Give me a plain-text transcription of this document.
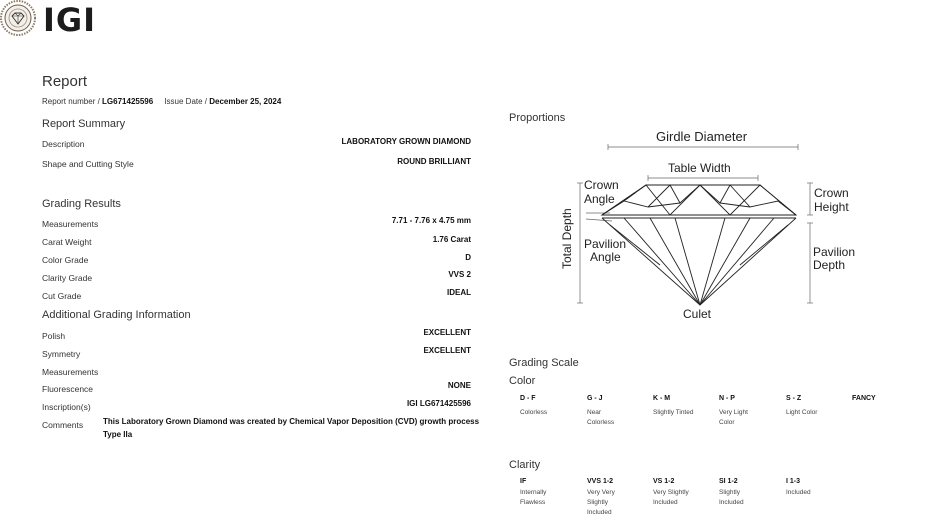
IGI
Report
Report number / LG671425596 Issue Date / December 25, 2024
Report Summary
Description	LABORATORY GROWN DIAMOND
Shape and Cutting Style	ROUND BRILLIANT
Grading Results
Measurements	7.71 - 7.76 x 4.75 mm
Carat Weight	1.76 Carat
Color Grade	D
Clarity Grade	VVS 2
Cut Grade	IDEAL
Additional Grading Information
Polish	EXCELLENT
Symmetry	EXCELLENT
Measurements
Fluorescence	NONE
Inscription(s)	IGI LG671425596
Comments This Laboratory Grown Diamond was created by Chemical Vapor Deposition (CVD) growth process Type IIa
Proportions
Girdle Diameter
Table Width
Crown
Angle	Crown
Height
Total Depth Pavilion
Angle	Pavilion
Depth
Culet
Grading Scale
Color
D - F
Colorless
G - J
Near Colorless
K - M
Slightly Tinted
N - P
Very Light Color
S - Z
Light Color
FANCY
Clarity
IF
Internally Flawless
VVS 1-2
Very Very Slightly Included
VS 1-2
Very Slightly Included
SI 1-2
Slightly Included
I 1-3
Included
